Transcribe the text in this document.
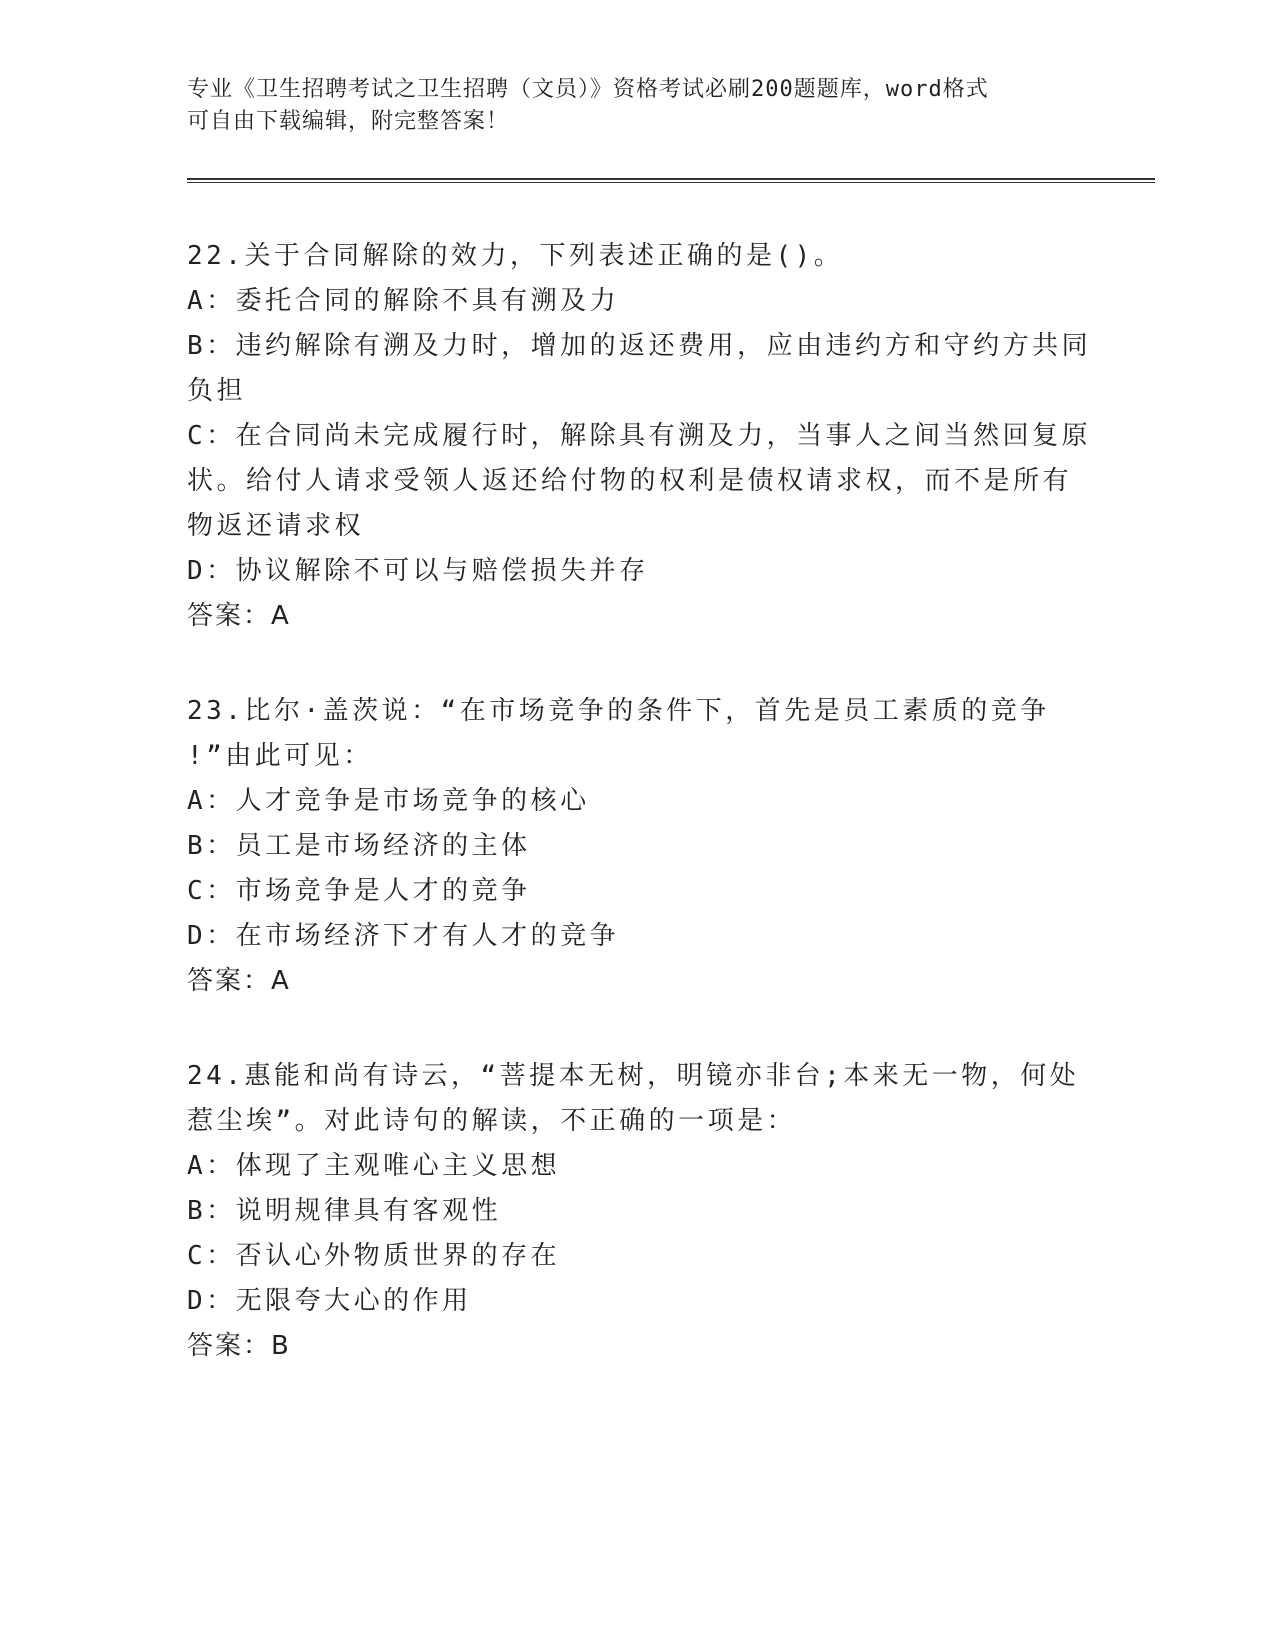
专业《卫生招聘考试之卫生招聘（文员）》资格考试必刷200题题库，word格式
可自由下载编辑，附完整答案！
22.关于合同解除的效力，下列表述正确的是()。
A：委托合同的解除不具有溯及力
B：违约解除有溯及力时，增加的返还费用，应由违约方和守约方共同
负担
C：在合同尚未完成履行时，解除具有溯及力，当事人之间当然回复原
状。给付人请求受领人返还给付物的权利是债权请求权，而不是所有
物返还请求权
D：协议解除不可以与赔偿损失并存
答案：A
23.比尔·盖茨说：“在市场竞争的条件下，首先是员工素质的竞争
!”由此可见：
A：人才竞争是市场竞争的核心
B：员工是市场经济的主体
C：市场竞争是人才的竞争
D：在市场经济下才有人才的竞争
答案：A
24.惠能和尚有诗云，“菩提本无树，明镜亦非台;本来无一物，何处
惹尘埃”。对此诗句的解读，不正确的一项是：
A：体现了主观唯心主义思想
B：说明规律具有客观性
C：否认心外物质世界的存在
D：无限夸大心的作用
答案：B
